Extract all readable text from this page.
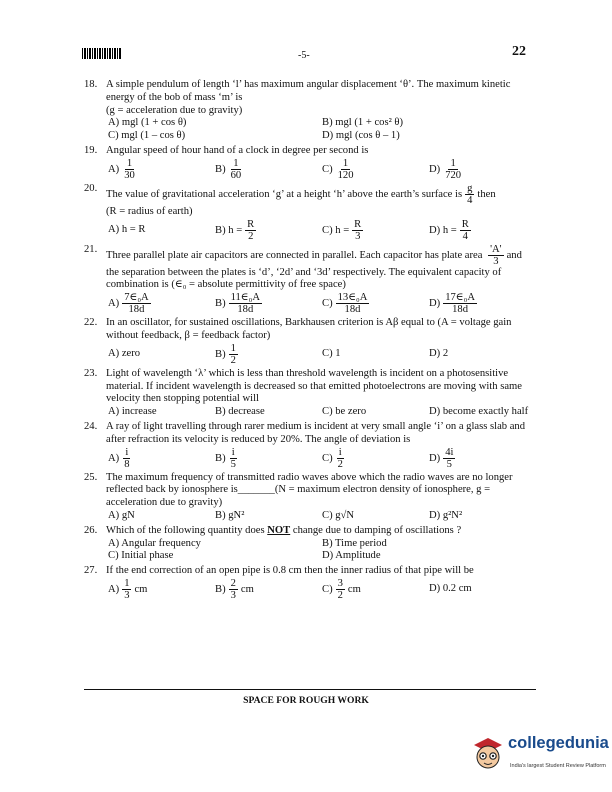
-5-	22
18. A simple pendulum of length ‘l’ has maximum angular displacement ‘θ’. The maximum kinetic energy of the bob of mass ‘m’ is
(g = acceleration due to gravity)
A) mgl (1 + cos θ)	B) mgl (1 + cos² θ)
C) mgl (1 – cos θ)	D) mgl (cos θ – 1)
19. Angular speed of hour hand of a clock in degree per second is
$A) \frac{1}{30}$	$B) \frac{1}{60}$	$C) \frac{1}{120}$	$D) \frac{1}{720}$
20.
The value of gravitational acceleration ‘g’ at a height ‘h’ above the earth’s surface is $\frac{g}{4}$ then
(R = radius of earth)
A) h = R	B) $h = \frac{R}{2}$	C) $h = \frac{R}{3}$	D) $h = \frac{R}{4}$
21.
Three parallel plate air capacitors are connected in parallel. Each capacitor has plate area $\frac{'A'}{3}$ and the separation between the plates is ‘d’, ‘2d’ and ‘3d’ respectively. The equivalent capacity of combination is (∈₀ = absolute permittivity of free space)
$A) \frac{\text{7∈₀A}}{18d}$	$B) \frac{\text{11∈₀A}}{18d}$	$C) \frac{\text{13∈₀A}}{18d}$	$D) \frac{\text{17∈₀A}}{18d}$
22. In an oscillator, for sustained oscillations, Barkhausen criterion is Aβ equal to (A = voltage gain without feedback, β = feedback factor)
A) zero	$B) \frac{1}{2}$	C) 1	D) 2
23. Light of wavelength ‘λ’ which is less than threshold wavelength is incident on a photosensitive material. If incident wavelength is decreased so that emitted photoelectrons are moving with same velocity then stopping potential will
A) increase	B) decrease	C) be zero	D) become exactly half
24. A ray of light travelling through rarer medium is incident at very small angle ‘i’ on a glass slab and after refraction its velocity is reduced by 20%. The angle of deviation is
$A) \frac{i}{8}$	$B) \frac{i}{5}$	$C) \frac{i}{2}$	$D) \frac{4i}{5}$
25. The maximum frequency of transmitted radio waves above which the radio waves are no longer reflected back by ionosphere is_______(N = maximum electron density of ionosphere, g = acceleration due to gravity)
A) gN	B) gN²	C) g√N	D) g²N²
26. Which of the following quantity does NOT change due to damping of oscillations ?
A) Angular frequency	B) Time period
C) Initial phase	D) Amplitude
27. If the end correction of an open pipe is 0.8 cm then the inner radius of that pipe will be
$A) \frac{1}{3}$ cm	$B) \frac{2}{3}$ cm	$C) \frac{3}{2}$ cm	D) 0.2 cm
SPACE FOR ROUGH WORK
collegedunia
India's largest Student Review Platform
